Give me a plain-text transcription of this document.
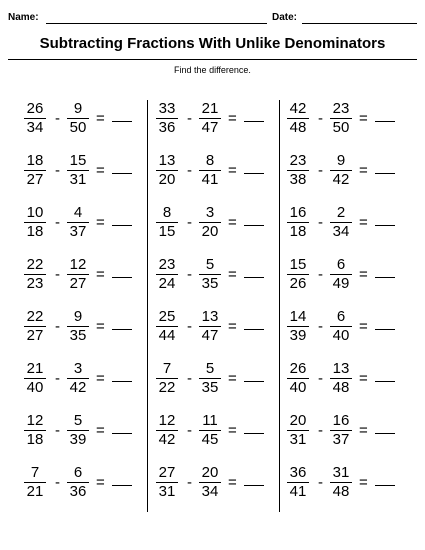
Name:	Date:
Subtracting Fractions With Unlike Denominators
Find the difference.
$\frac{26}{34} - \frac{9}{50}$ =
$\frac{18}{27} - \frac{15}{31}$ =
$\frac{10}{18} - \frac{4}{37}$ =
$\frac{22}{23} - \frac{12}{27}$ =
$\frac{22}{27} - \frac{9}{35}$ =
$\frac{21}{40} - \frac{3}{42}$ =
$\frac{12}{18} - \frac{5}{39}$ =
$\frac{7}{21} - \frac{6}{36}$ =
$\frac{33}{36} - \frac{21}{47}$ =
$\frac{13}{20} - \frac{8}{41}$ =
$\frac{8}{15} - \frac{3}{20}$ =
$\frac{23}{24} - \frac{5}{35}$ =
$\frac{25}{44} - \frac{13}{47}$ =
$\frac{7}{22} - \frac{5}{35}$ =
$\frac{12}{42} - \frac{11}{45}$ =
$\frac{27}{31} - \frac{20}{34}$ =
$\frac{42}{48} - \frac{23}{50}$ =
$\frac{23}{38} - \frac{9}{42}$ =
$\frac{16}{18} - \frac{2}{34}$ =
$\frac{15}{26} - \frac{6}{49}$ =
$\frac{14}{39} - \frac{6}{40}$ =
$\frac{26}{40} - \frac{13}{48}$ =
$\frac{20}{31} - \frac{16}{37}$ =
$\frac{36}{41} - \frac{31}{48}$ =
